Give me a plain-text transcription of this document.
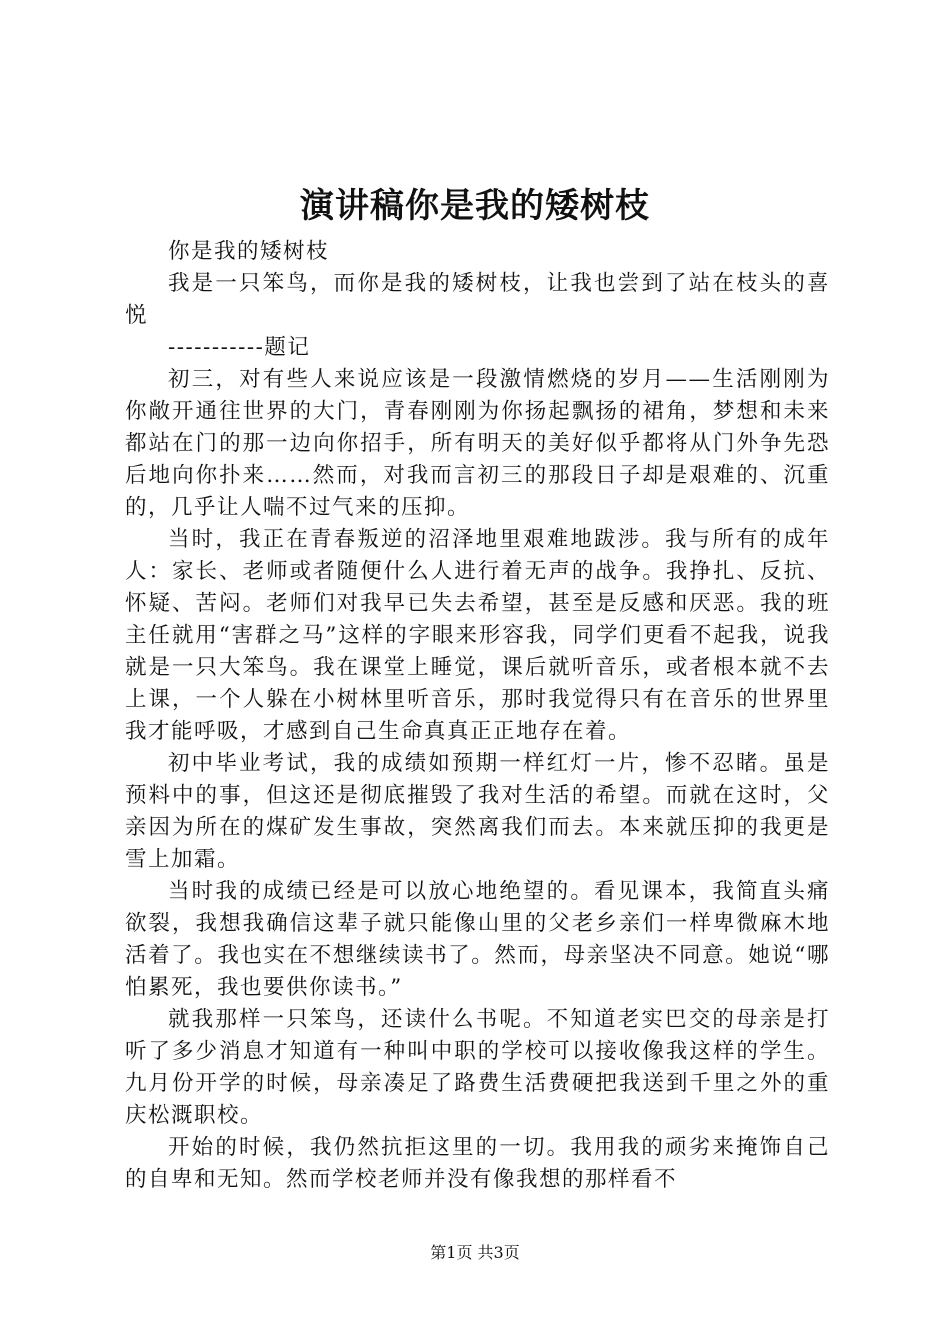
演讲稿你是我的矮树枝

你是我的矮树枝

我是一只笨鸟，而你是我的矮树枝，让我也尝到了站在枝头的喜悦

-----------题记

初三，对有些人来说应该是一段激情燃烧的岁月——生活刚刚为你敞开通往世界的大门，青春刚刚为你扬起飘扬的裙角，梦想和未来都站在门的那一边向你招手，所有明天的美好似乎都将从门外争先恐后地向你扑来……然而，对我而言初三的那段日子却是艰难的、沉重的，几乎让人喘不过气来的压抑。

当时，我正在青春叛逆的沼泽地里艰难地跋涉。我与所有的成年人：家长、老师或者随便什么人进行着无声的战争。我挣扎、反抗、怀疑、苦闷。老师们对我早已失去希望，甚至是反感和厌恶。我的班主任就用“害群之马”这样的字眼来形容我，同学们更看不起我，说我就是一只大笨鸟。我在课堂上睡觉，课后就听音乐，或者根本就不去上课，一个人躲在小树林里听音乐，那时我觉得只有在音乐的世界里我才能呼吸，才感到自己生命真真正正地存在着。

初中毕业考试，我的成绩如预期一样红灯一片，惨不忍睹。虽是预料中的事，但这还是彻底摧毁了我对生活的希望。而就在这时，父亲因为所在的煤矿发生事故，突然离我们而去。本来就压抑的我更是雪上加霜。

当时我的成绩已经是可以放心地绝望的。看见课本，我简直头痛欲裂，我想我确信这辈子就只能像山里的父老乡亲们一样卑微麻木地活着了。我也实在不想继续读书了。然而，母亲坚决不同意。她说“哪怕累死，我也要供你读书。”

就我那样一只笨鸟，还读什么书呢。不知道老实巴交的母亲是打听了多少消息才知道有一种叫中职的学校可以接收像我这样的学生。九月份开学的时候，母亲凑足了路费生活费硬把我送到千里之外的重庆松溉职校。

开始的时候，我仍然抗拒这里的一切。我用我的顽劣来掩饰自己的自卑和无知。然而学校老师并没有像我想的那样看不

第1页 共3页
